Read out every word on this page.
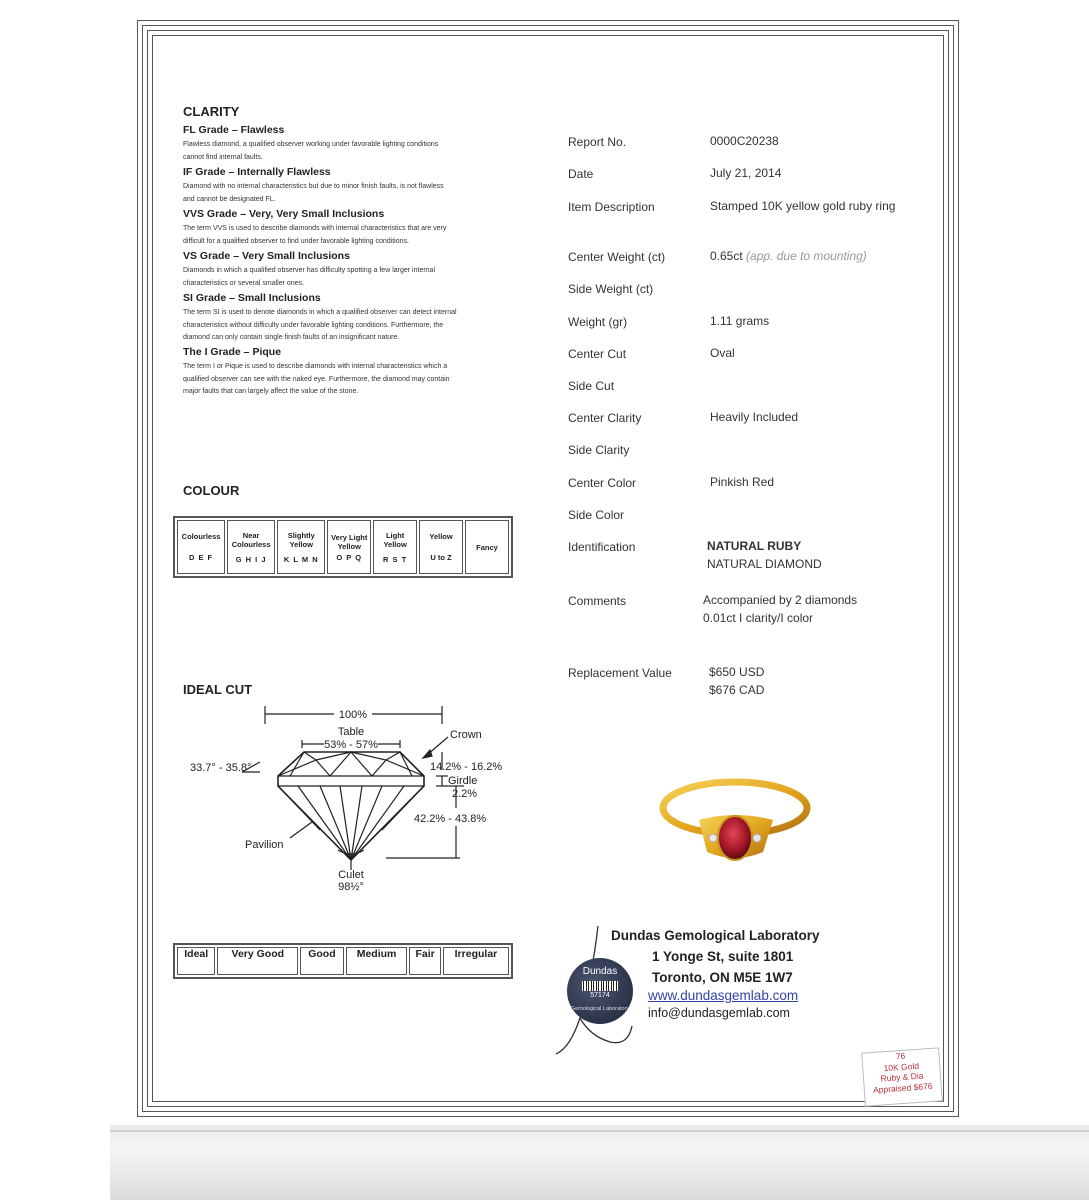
CLARITY
FL Grade – Flawless
Flawless diamond, a qualified observer working under favorable lighting conditions
cannot find internal faults.
IF Grade – Internally Flawless
Diamond with no internal characteristics but due to minor finish faults, is not flawless
and cannot be designated FL.
VVS Grade – Very, Very Small Inclusions
The term VVS is used to describe diamonds with internal characteristics that are very
difficult for a qualified observer to find under favorable lighting conditions.
VS Grade – Very Small Inclusions
Diamonds in which a qualified observer has difficulty spotting a few larger internal
characteristics or several smaller ones.
SI Grade – Small Inclusions
The term SI is used to denote diamonds in which a qualified observer can detect internal
characteristics without difficulty under favorable lighting conditions. Furthermore, the
diamond can only contain single finish faults of an insignificant nature.
The I Grade – Pique
The term I or Pique is used to describe diamonds with internal characteristics which a
qualified observer can see with the naked eye. Furthermore, the diamond may contain
major faults that can largely affect the value of the stone.
COLOUR
Colourless
D E F

Near Colourless
G H I J

Slightly Yellow
K L M N

Very Light Yellow
O P Q

Light Yellow
R S T

Yellow
U to Z

Fancy
IDEAL CUT
100%
Table
53% - 57%
Crown
33.7° - 35.8°	14.2% - 16.2%
Girdle
2.2%
42.2% - 43.8%
Pavilion
Culet
98½°
Ideal	Very Good	Good	Medium	Fair	Irregular
Report No.	0000C20238
Date	July 21, 2014
Item Description	Stamped 10K yellow gold ruby ring
Center Weight (ct)	0.65ct (app. due to mounting)
Side Weight (ct)
Weight (gr)	1.11 grams
Center Cut	Oval
Side Cut
Center Clarity	Heavily Included
Side Clarity
Center Color	Pinkish Red
Side Color
Identification	NATURAL RUBY
NATURAL DIAMOND
Comments	Accompanied by 2 diamonds
0.01ct I clarity/I color
Replacement Value	$650 USD
$676 CAD
Dundas
57174
Gemological Laboratory
Dundas Gemological Laboratory
1 Yonge St, suite 1801
Toronto, ON M5E 1W7
www.dundasgemlab.com
info@dundasgemlab.com
76
10K Gold
Ruby & Dia
Appraised $676
